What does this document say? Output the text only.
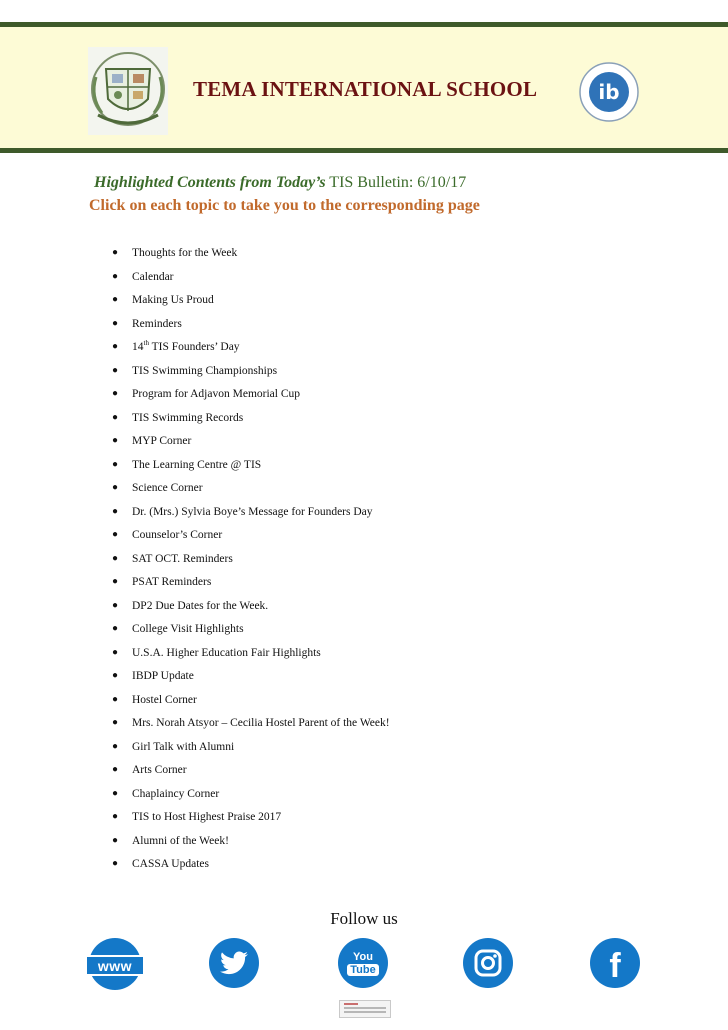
TEMA INTERNATIONAL SCHOOL	ib
Highlighted Contents from Today’s TIS Bulletin: 6/10/17
Click on each topic to take you to the corresponding page
● Thoughts for the Week
● Calendar
● Making Us Proud
● Reminders
● 14th TIS Founders’ Day
● TIS Swimming Championships
● Program for Adjavon Memorial Cup
● TIS Swimming Records
● MYP Corner
● The Learning Centre @ TIS
● Science Corner
● Dr. (Mrs.) Sylvia Boye’s Message for Founders Day
● Counselor’s Corner
● SAT OCT. Reminders
● PSAT Reminders
● DP2 Due Dates for the Week.
● College Visit Highlights
● U.S.A. Higher Education Fair Highlights
● IBDP Update
● Hostel Corner
● Mrs. Norah Atsyor – Cecilia Hostel Parent of the Week!
● Girl Talk with Alumni
● Arts Corner
● Chaplaincy Corner
● TIS to Host Highest Praise 2017
● Alumni of the Week!
● CASSA Updates
Follow us
www
You
Tube	f
